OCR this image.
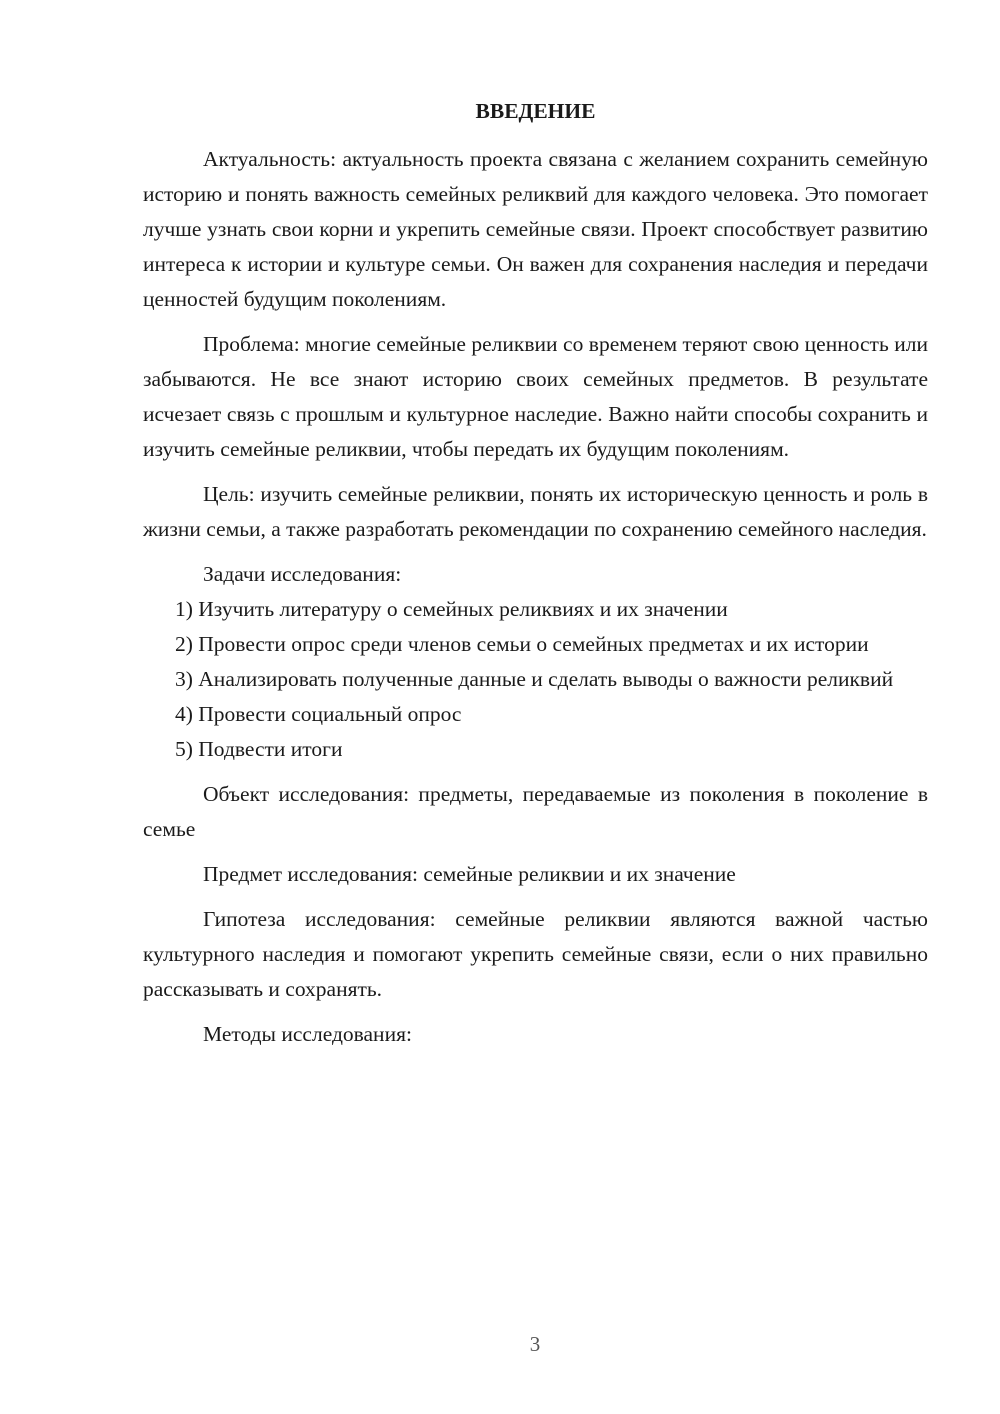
ВВЕДЕНИЕ

Актуальность: актуальность проекта связана с желанием сохранить семейную историю и понять важность семейных реликвий для каждого человека. Это помогает лучше узнать свои корни и укрепить семейные связи. Проект способствует развитию интереса к истории и культуре семьи. Он важен для сохранения наследия и передачи ценностей будущим поколениям.

Проблема: многие семейные реликвии со временем теряют свою ценность или забываются. Не все знают историю своих семейных предметов. В результате исчезает связь с прошлым и культурное наследие. Важно найти способы сохранить и изучить семейные реликвии, чтобы передать их будущим поколениям.

Цель: изучить семейные реликвии, понять их историческую ценность и роль в жизни семьи, а также разработать рекомендации по сохранению семейного наследия.

Задачи исследования:

1) Изучить литературу о семейных реликвиях и их значении

2) Провести опрос среди членов семьи о семейных предметах и их истории

3) Анализировать полученные данные и сделать выводы о важности реликвий

4) Провести социальный опрос

5) Подвести итоги

Объект исследования: предметы, передаваемые из поколения в поколение в семье

Предмет исследования: семейные реликвии и их значение

Гипотеза исследования: семейные реликвии являются важной частью культурного наследия и помогают укрепить семейные связи, если о них правильно рассказывать и сохранять.

Методы исследования:

3
